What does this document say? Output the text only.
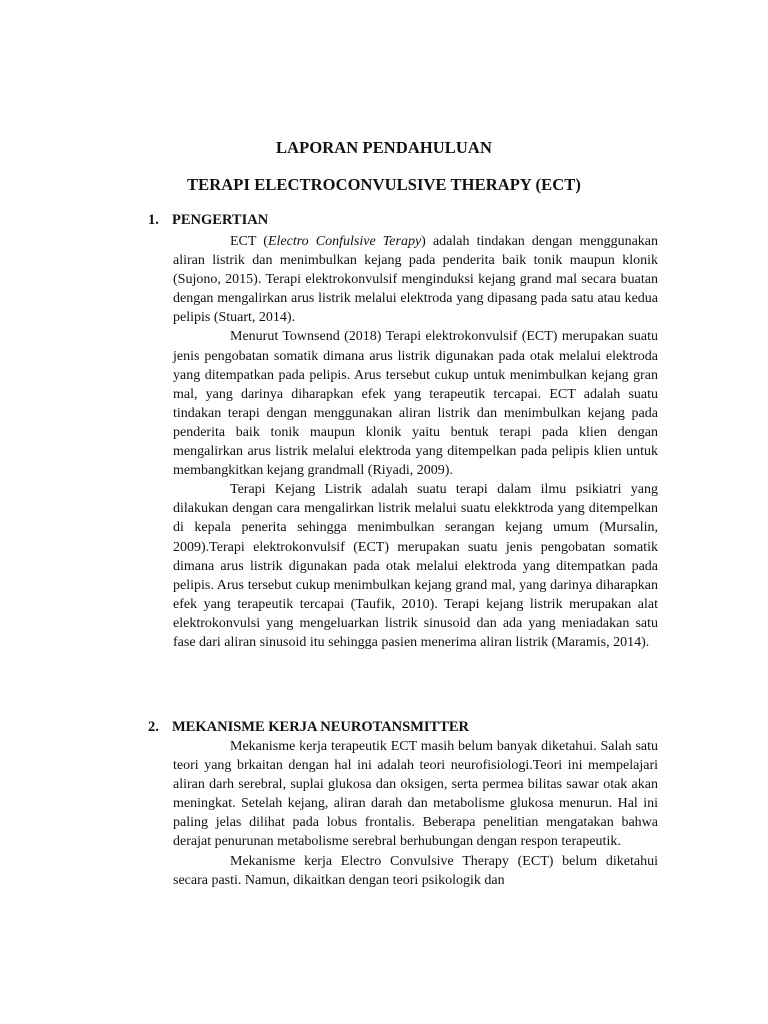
LAPORAN PENDAHULUAN
TERAPI ELECTROCONVULSIVE THERAPY (ECT)
1. PENGERTIAN

ECT (Electro Confulsive Terapy) adalah tindakan dengan menggunakan aliran listrik dan menimbulkan kejang pada penderita baik tonik maupun klonik (Sujono, 2015). Terapi elektrokonvulsif menginduksi kejang grand mal secara buatan dengan mengalirkan arus listrik melalui elektroda yang dipasang pada satu atau kedua pelipis (Stuart, 2014).

Menurut Townsend (2018) Terapi elektrokonvulsif (ECT) merupakan suatu jenis pengobatan somatik dimana arus listrik digunakan pada otak melalui elektroda yang ditempatkan pada pelipis. Arus tersebut cukup untuk menimbulkan kejang gran mal, yang darinya diharapkan efek yang terapeutik tercapai. ECT adalah suatu tindakan terapi dengan menggunakan aliran listrik dan menimbulkan kejang pada penderita baik tonik maupun klonik yaitu bentuk terapi pada klien dengan mengalirkan arus listrik melalui elektroda yang ditempelkan pada pelipis klien untuk membangkitkan kejang grandmall (Riyadi, 2009).

Terapi Kejang Listrik adalah suatu terapi dalam ilmu psikiatri yang dilakukan dengan cara mengalirkan listrik melalui suatu elekktroda yang ditempelkan di kepala penerita sehingga menimbulkan serangan kejang umum (Mursalin, 2009).Terapi elektrokonvulsif (ECT) merupakan suatu jenis pengobatan somatik dimana arus listrik digunakan pada otak melalui elektroda yang ditempatkan pada pelipis. Arus tersebut cukup menimbulkan kejang grand mal, yang darinya diharapkan efek yang terapeutik tercapai (Taufik, 2010). Terapi kejang listrik merupakan alat elektrokonvulsi yang mengeluarkan listrik sinusoid dan ada yang meniadakan satu fase dari aliran sinusoid itu sehingga pasien menerima aliran listrik (Maramis, 2014).

2. MEKANISME KERJA NEUROTANSMITTER

Mekanisme kerja terapeutik ECT masih belum banyak diketahui. Salah satu teori yang brkaitan dengan hal ini adalah teori neurofisiologi.Teori ini mempelajari aliran darh serebral, suplai glukosa dan oksigen, serta permea bilitas sawar otak akan meningkat. Setelah kejang, aliran darah dan metabolisme glukosa menurun. Hal ini paling jelas dilihat pada lobus frontalis. Beberapa penelitian mengatakan bahwa derajat penurunan metabolisme serebral berhubungan dengan respon terapeutik.

Mekanisme kerja Electro Convulsive Therapy (ECT) belum diketahui secara pasti. Namun, dikaitkan dengan teori psikologik dan
